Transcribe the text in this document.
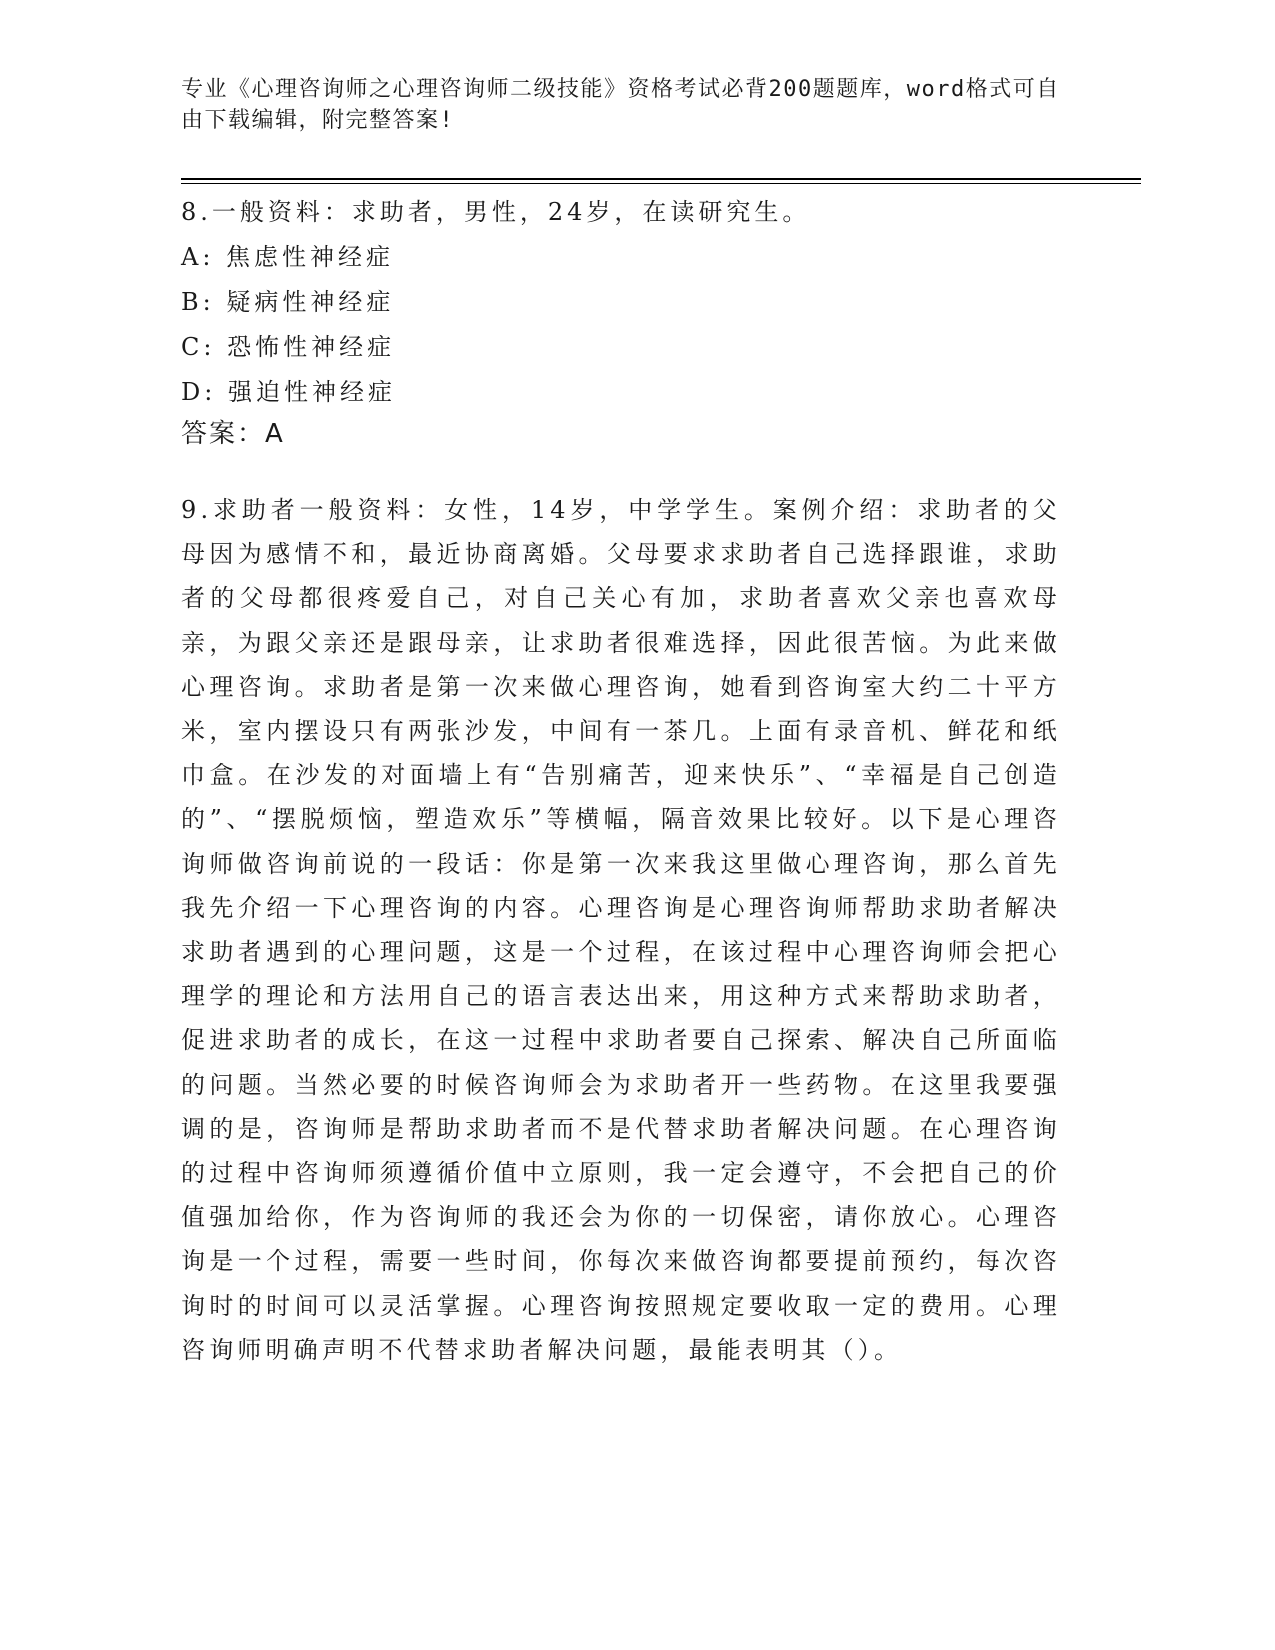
专业《心理咨询师之心理咨询师二级技能》资格考试必背200题题库，word格式可自由下载编辑，附完整答案!
8.一般资料：求助者，男性，24岁，在读研究生。
A: 焦虑性神经症
B: 疑病性神经症
C: 恐怖性神经症
D: 强迫性神经症
答案：A
9.求助者一般资料：女性，14岁，中学学生。案例介绍：求助者的父母因为感情不和，最近协商离婚。父母要求求助者自己选择跟谁，求助者的父母都很疼爱自己，对自己关心有加，求助者喜欢父亲也喜欢母亲，为跟父亲还是跟母亲，让求助者很难选择，因此很苦恼。为此来做心理咨询。求助者是第一次来做心理咨询，她看到咨询室大约二十平方米，室内摆设只有两张沙发，中间有一茶几。上面有录音机、鲜花和纸巾盒。在沙发的对面墙上有“告别痛苦，迎来快乐”、“幸福是自己创造的”、“摆脱烦恼，塑造欢乐”等横幅，隔音效果比较好。以下是心理咨询师做咨询前说的一段话：你是第一次来我这里做心理咨询，那么首先我先介绍一下心理咨询的内容。心理咨询是心理咨询师帮助求助者解决求助者遇到的心理问题，这是一个过程，在该过程中心理咨询师会把心理学的理论和方法用自己的语言表达出来，用这种方式来帮助求助者，促进求助者的成长，在这一过程中求助者要自己探索、解决自己所面临的问题。当然必要的时候咨询师会为求助者开一些药物。在这里我要强调的是，咨询师是帮助求助者而不是代替求助者解决问题。在心理咨询的过程中咨询师须遵循价值中立原则，我一定会遵守，不会把自己的价值强加给你，作为咨询师的我还会为你的一切保密，请你放心。心理咨询是一个过程，需要一些时间，你每次来做咨询都要提前预约，每次咨询时的时间可以灵活掌握。心理咨询按照规定要收取一定的费用。心理咨询师明确声明不代替求助者解决问题，最能表明其（）。
